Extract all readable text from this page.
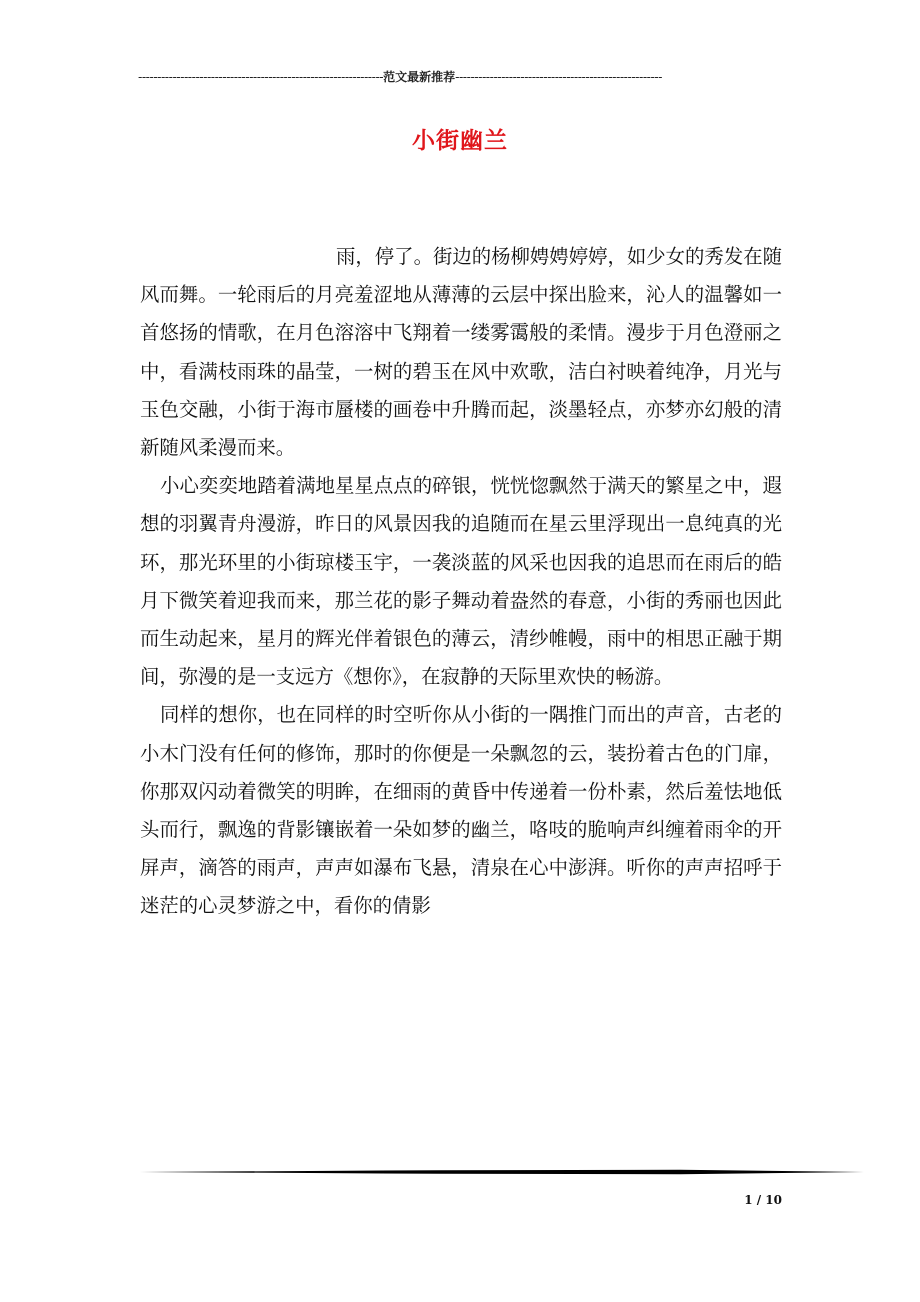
----------------------------------------------------------------范文最新推荐------------------------------------------------------
小街幽兰

雨，停了。街边的杨柳娉娉婷婷，如少女的秀发在随风而舞。一轮雨后的月亮羞涩地从薄薄的云层中探出脸来，沁人的温馨如一首悠扬的情歌，在月色溶溶中飞翔着一缕雾霭般的柔情。漫步于月色澄丽之中，看满枝雨珠的晶莹，一树的碧玉在风中欢歌，洁白衬映着纯净，月光与玉色交融，小街于海市蜃楼的画卷中升腾而起，淡墨轻点，亦梦亦幻般的清新随风柔漫而来。

小心奕奕地踏着满地星星点点的碎银，恍恍惚飘然于满天的繁星之中，遐想的羽翼青舟漫游，昨日的风景因我的追随而在星云里浮现出一息纯真的光环，那光环里的小街琼楼玉宇，一袭淡蓝的风采也因我的追思而在雨后的皓月下微笑着迎我而来，那兰花的影子舞动着盎然的春意，小街的秀丽也因此而生动起来，星月的辉光伴着银色的薄云，清纱帷幔，雨中的相思正融于期间，弥漫的是一支远方《想你》，在寂静的天际里欢快的畅游。

同样的想你，也在同样的时空听你从小街的一隅推门而出的声音，古老的小木门没有任何的修饰，那时的你便是一朵飘忽的云，装扮着古色的门扉，你那双闪动着微笑的明眸，在细雨的黄昏中传递着一份朴素，然后羞怯地低头而行，飘逸的背影镶嵌着一朵如梦的幽兰，咯吱的脆响声纠缠着雨伞的开屏声，滴答的雨声，声声如瀑布飞悬，清泉在心中澎湃。听你的声声招呼于迷茫的心灵梦游之中，看你的倩影

1 / 10
